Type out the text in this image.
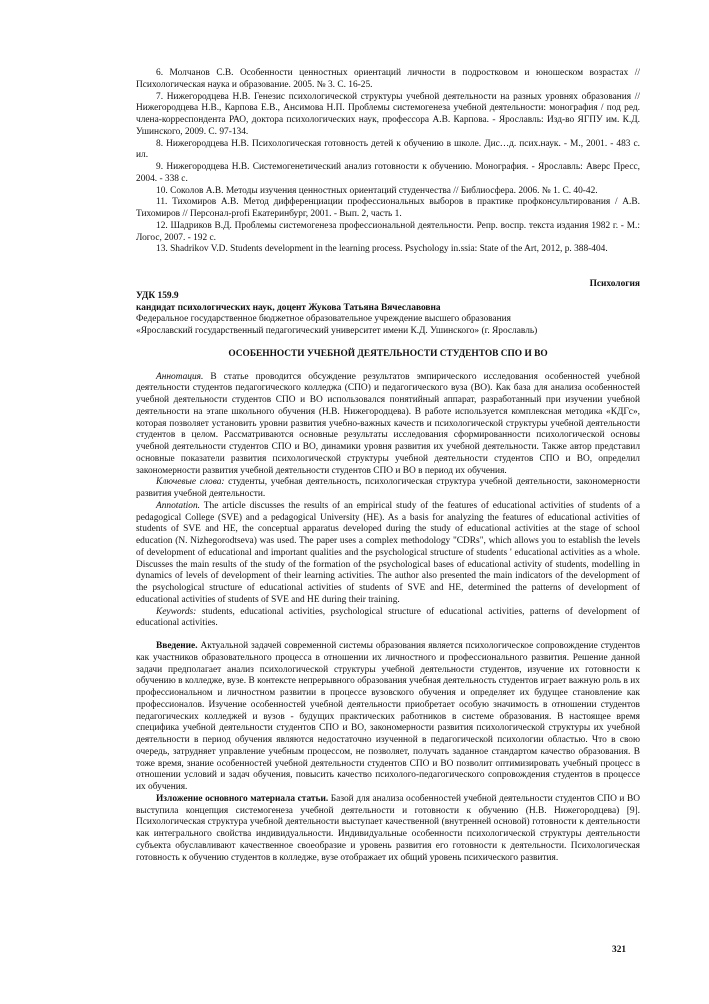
6. Молчанов С.В. Особенности ценностных ориентаций личности в подростковом и юношеском возрастах // Психологическая наука и образование. 2005. № 3. С. 16-25.

7. Нижегородцева Н.В. Генезис психологической структуры учебной деятельности на разных уровнях образования // Нижегородцева Н.В., Карпова Е.В., Ансимова Н.П. Проблемы системогенеза учебной деятельности: монография / под ред. члена-корреспондента РАО, доктора психологических наук, профессора А.В. Карпова. - Ярославль: Изд-во ЯГПУ им. К.Д. Ушинского, 2009. С. 97-134.

8. Нижегородцева Н.В. Психологическая готовность детей к обучению в школе. Дис…д. псих.наук. - М., 2001. - 483 с. ил.

9. Нижегородцева Н.В. Системогенетический анализ готовности к обучению. Монография. - Ярославль: Аверс Пресс, 2004. - 338 с.

10. Соколов А.В. Методы изучения ценностных ориентаций студенчества // Библиосфера. 2006. № 1. С. 40-42.

11. Тихомиров А.В. Метод дифференциации профессиональных выборов в практике профконсультирования / А.В. Тихомиров // Персонал-profi Екатеринбург, 2001. - Вып. 2, часть 1.

12. Шадриков В.Д. Проблемы системогенеза профессиональной деятельности. Репр. воспр. текста издания 1982 г. - М.: Логос, 2007. - 192 с.

13. Shadrikov V.D. Students development in the learning process. Psychology in.ssia: State of the Art, 2012, р. 388-404.

Психология

УДК 159.9

кандидат психологических наук, доцент Жукова Татьяна Вячеславовна

Федеральное государственное бюджетное образовательное учреждение высшего образования

«Ярославский государственный педагогический университет имени К.Д. Ушинского» (г. Ярославль)

ОСОБЕННОСТИ УЧЕБНОЙ ДЕЯТЕЛЬНОСТИ СТУДЕНТОВ СПО И ВО

Аннотация. В статье проводится обсуждение результатов эмпирического исследования особенностей учебной деятельности студентов педагогического колледжа (СПО) и педагогического вуза (ВО). Как база для анализа особенностей учебной деятельности студентов СПО и ВО использовался понятийный аппарат, разработанный при изучении учебной деятельности на этапе школьного обучения (Н.В. Нижегородцева). В работе используется комплексная методика «КДГс», которая позволяет установить уровни развития учебно-важных качеств и психологической структуры учебной деятельности студентов в целом. Рассматриваются основные результаты исследования сформированности психологической основы учебной деятельности студентов СПО и ВО, динамики уровня развития их учебной деятельности. Также автор представил основные показатели развития психологической структуры учебной деятельности студентов СПО и ВО, определил закономерности развития учебной деятельности студентов СПО и ВО в период их обучения.

Ключевые слова: студенты, учебная деятельность, психологическая структура учебной деятельности, закономерности развития учебной деятельности.

Annotation. The article discusses the results of an empirical study of the features of educational activities of students of a pedagogical College (SVE) and a pedagogical University (HE). As a basis for analyzing the features of educational activities of students of SVE and HE, the conceptual apparatus developed during the study of educational activities at the stage of school education (N. Nizhegorodtseva) was used. The paper uses a complex methodology "CDRs", which allows you to establish the levels of development of educational and important qualities and the psychological structure of students ' educational activities as a whole. Discusses the main results of the study of the formation of the psychological bases of educational activity of students, modelling in dynamics of levels of development of their learning activities. The author also presented the main indicators of the development of the psychological structure of educational activities of students of SVE and HE, determined the patterns of development of educational activities of students of SVE and HE during their training.

Keywords: students, educational activities, psychological structure of educational activities, patterns of development of educational activities.

Введение. Актуальной задачей современной системы образования является психологическое сопровождение студентов как участников образовательного процесса в отношении их личностного и профессионального развития. Решение данной задачи предполагает анализ психологической структуры учебной деятельности студентов, изучение их готовности к обучению в колледже, вузе. В контексте непрерывного образования учебная деятельность студентов играет важную роль в их профессиональном и личностном развитии в процессе вузовского обучения и определяет их будущее становление как профессионалов. Изучение особенностей учебной деятельности приобретает особую значимость в отношении студентов педагогических колледжей и вузов - будущих практических работников в системе образования. В настоящее время специфика учебной деятельности студентов СПО и ВО, закономерности развития психологической структуры их учебной деятельности в период обучения являются недостаточно изученной в педагогической психологии областью. Что в свою очередь, затрудняет управление учебным процессом, не позволяет, получать заданное стандартом качество образования. В тоже время, знание особенностей учебной деятельности студентов СПО и ВО позволит оптимизировать учебный процесс в отношении условий и задач обучения, повысить качество психолого-педагогического сопровождения студентов в процессе их обучения.

Изложение основного материала статьи. Базой для анализа особенностей учебной деятельности студентов СПО и ВО выступила концепция системогенеза учебной деятельности и готовности к обучению (Н.В. Нижегородцева) [9]. Психологическая структура учебной деятельности выступает качественной (внутренней основой) готовности к деятельности как интегрального свойства индивидуальности. Индивидуальные особенности психологической структуры деятельности субъекта обуславливают качественное своеобразие и уровень развития его готовности к деятельности. Психологическая готовность к обучению студентов в колледже, вузе отображает их общий уровень психического развития.

321
